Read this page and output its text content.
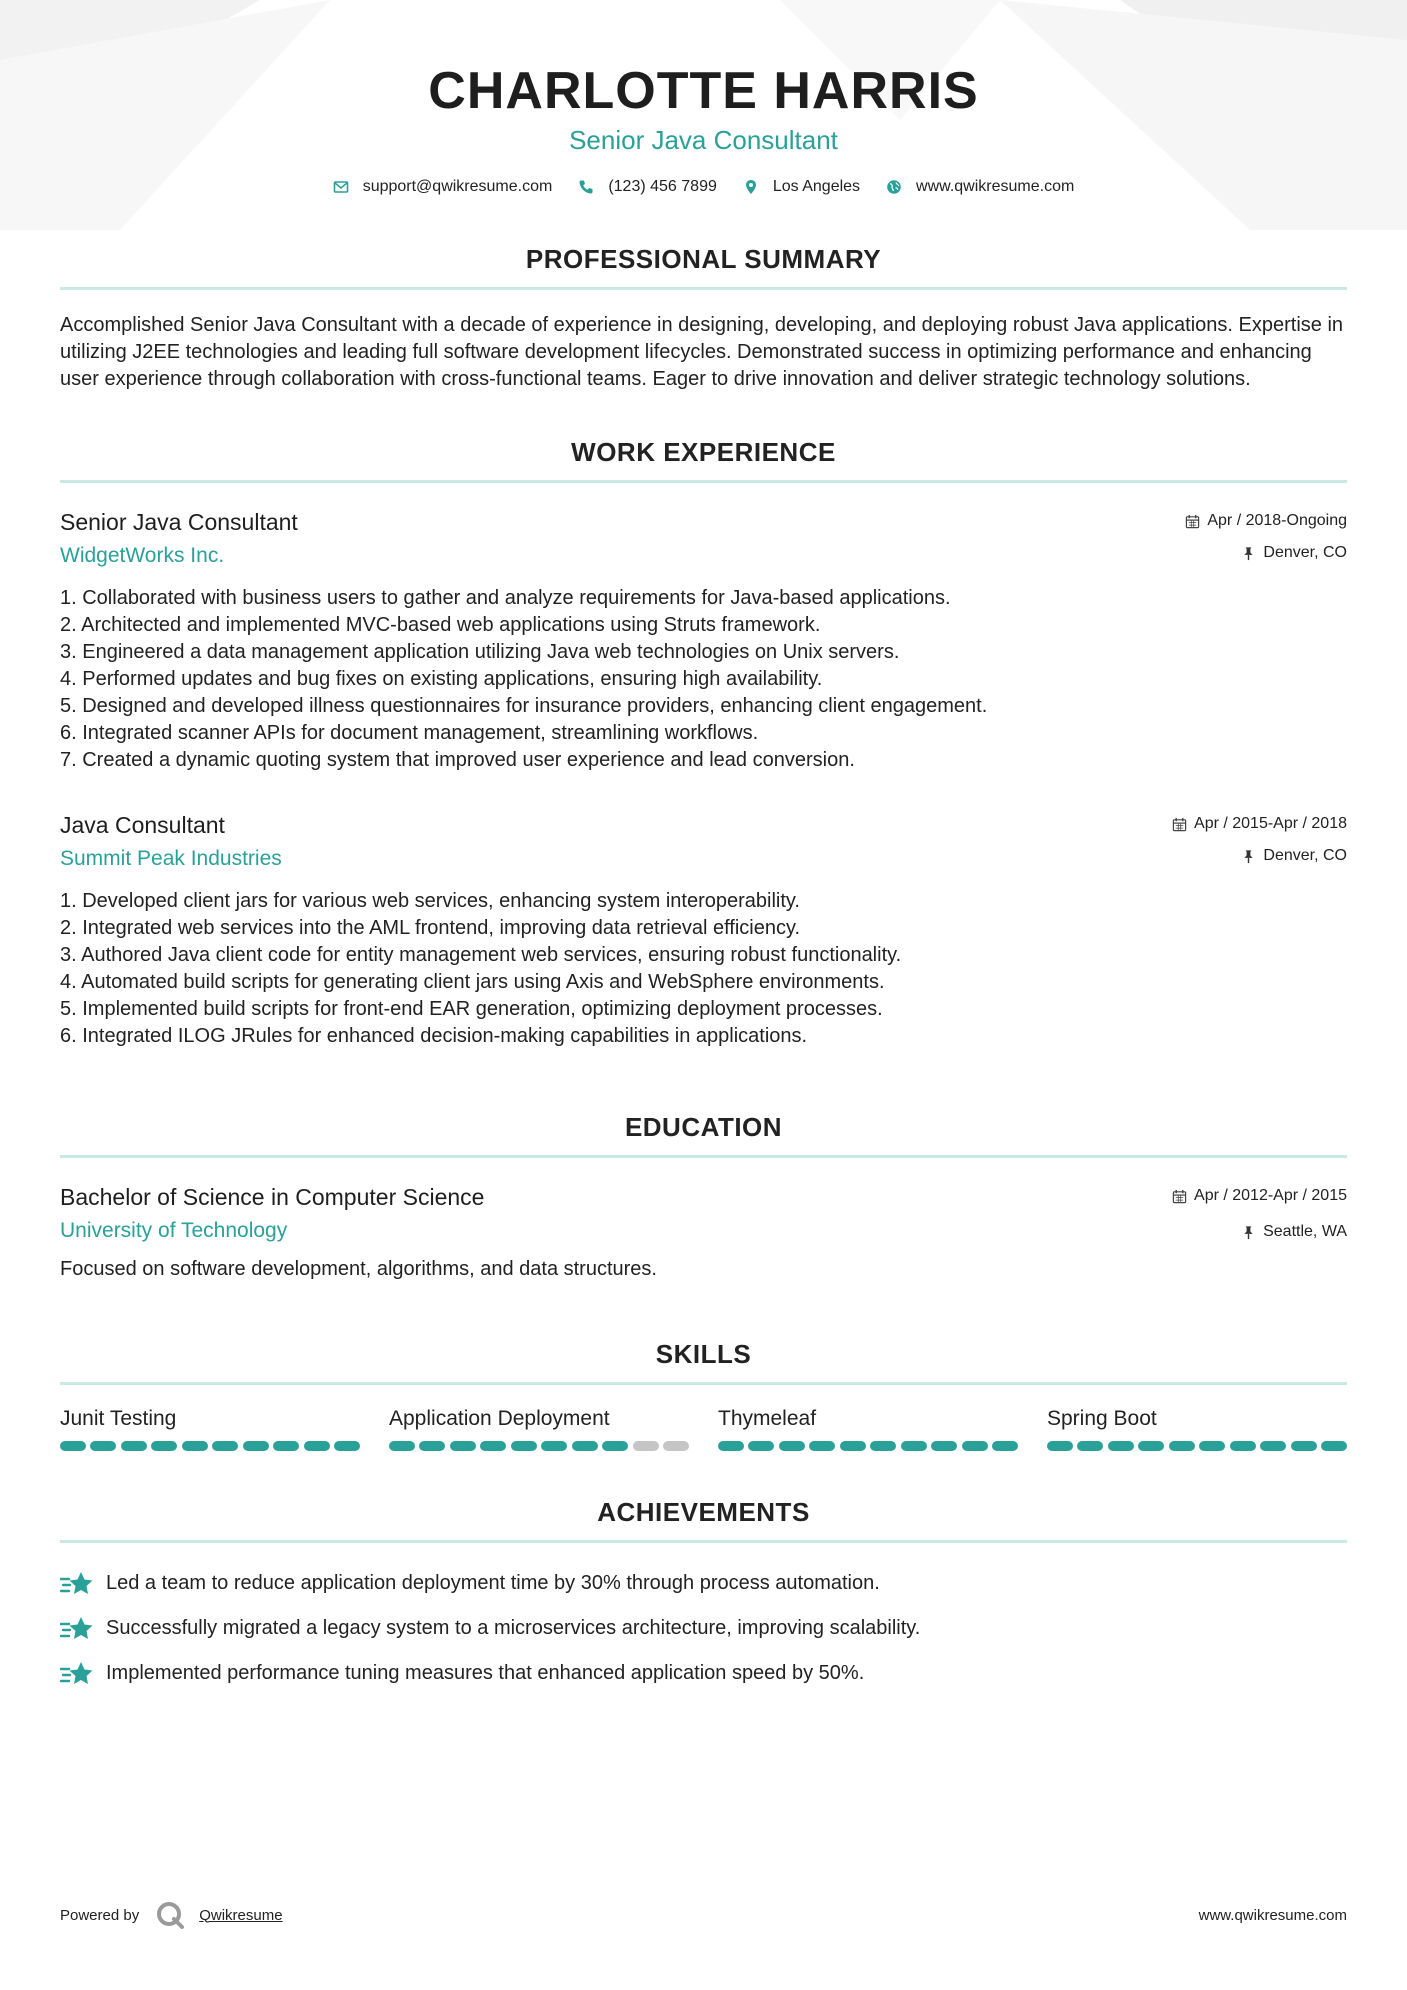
CHARLOTTE HARRIS
Senior Java Consultant
support@qwikresume.com	(123) 456 7899	Los Angeles	www.qwikresume.com
PROFESSIONAL SUMMARY

Accomplished Senior Java Consultant with a decade of experience in designing, developing, and deploying robust Java applications. Expertise in utilizing J2EE technologies and leading full software development lifecycles. Demonstrated success in optimizing performance and enhancing user experience through collaboration with cross-functional teams. Eager to drive innovation and deliver strategic technology solutions.

WORK EXPERIENCE
Senior Java Consultant
WidgetWorks Inc.
Apr / 2018-Ongoing
Denver, CO
1. Collaborated with business users to gather and analyze requirements for Java-based applications.
2. Architected and implemented MVC-based web applications using Struts framework.
3. Engineered a data management application utilizing Java web technologies on Unix servers.
4. Performed updates and bug fixes on existing applications, ensuring high availability.
5. Designed and developed illness questionnaires for insurance providers, enhancing client engagement.
6. Integrated scanner APIs for document management, streamlining workflows.
7. Created a dynamic quoting system that improved user experience and lead conversion.
Java Consultant
Summit Peak Industries
Apr / 2015-Apr / 2018
Denver, CO
1. Developed client jars for various web services, enhancing system interoperability.
2. Integrated web services into the AML frontend, improving data retrieval efficiency.
3. Authored Java client code for entity management web services, ensuring robust functionality.
4. Automated build scripts for generating client jars using Axis and WebSphere environments.
5. Implemented build scripts for front-end EAR generation, optimizing deployment processes.
6. Integrated ILOG JRules for enhanced decision-making capabilities in applications.
EDUCATION
Bachelor of Science in Computer Science
University of Technology
Apr / 2012-Apr / 2015
Seattle, WA
Focused on software development, algorithms, and data structures.
SKILLS
Junit Testing	Application Deployment	Thymeleaf	Spring Boot
ACHIEVEMENTS
Led a team to reduce application deployment time by 30% through process automation.
Successfully migrated a legacy system to a microservices architecture, improving scalability.
Implemented performance tuning measures that enhanced application speed by 50%.
Powered by	Qwikresume	www.qwikresume.com
